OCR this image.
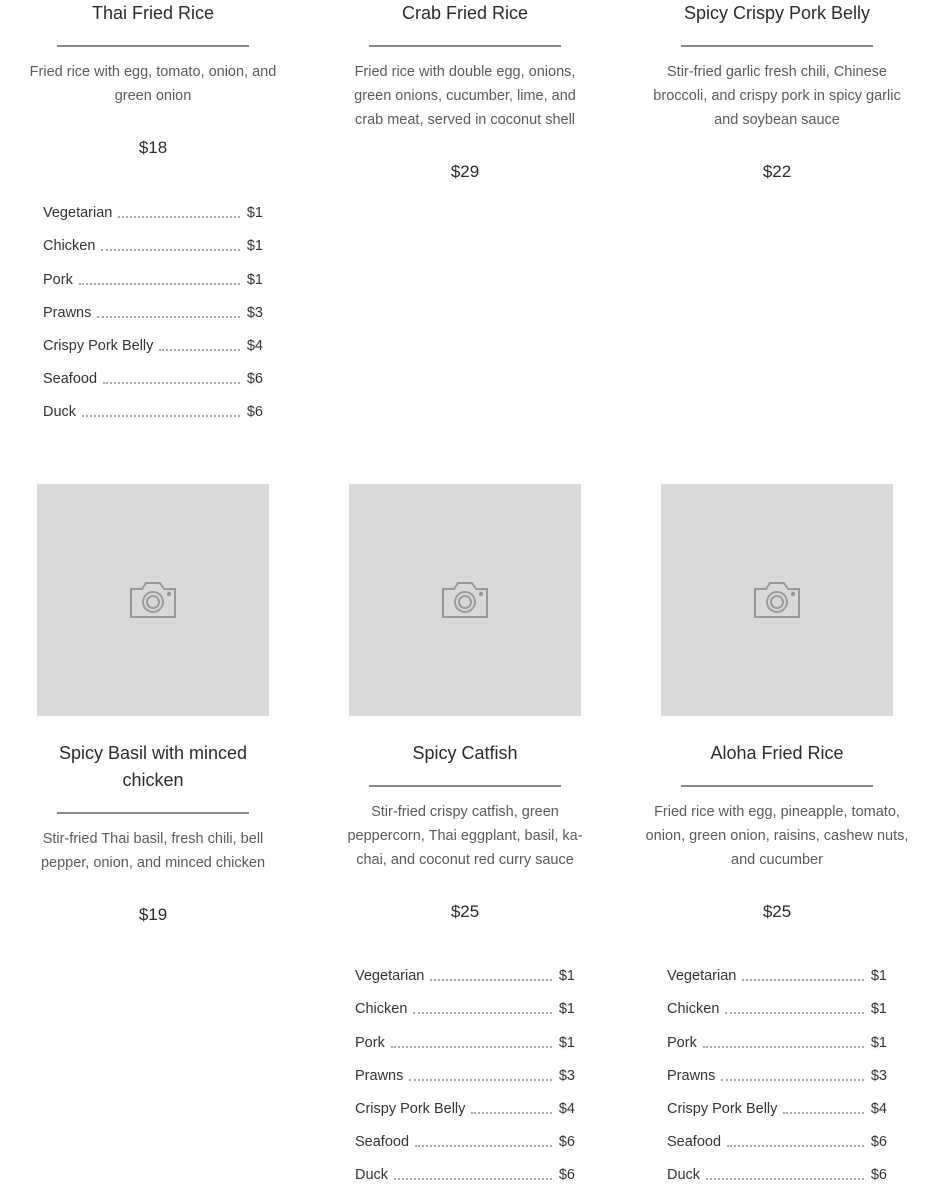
Thai Fried Rice
Fried rice with egg, tomato, onion, and green onion
$18
Vegetarian	$1
Chicken	$1
Pork	$1
Prawns	$3
Crispy Pork Belly	$4
Seafood	$6
Duck	$6
Crab Fried Rice
Fried rice with double egg, onions, green onions, cucumber, lime, and crab meat, served in coconut shell
$29
Spicy Crispy Pork Belly
Stir-fried garlic fresh chili, Chinese broccoli, and crispy pork in spicy garlic and soybean sauce
$22
Spicy Basil with minced chicken
Stir-fried Thai basil, fresh chili, bell pepper, onion, and minced chicken
$19
Spicy Catfish
Stir-fried crispy catfish, green peppercorn, Thai eggplant, basil, ka-chai, and coconut red curry sauce
$25
Vegetarian	$1
Chicken	$1
Pork	$1
Prawns	$3
Crispy Pork Belly	$4
Seafood	$6
Duck	$6
Aloha Fried Rice
Fried rice with egg, pineapple, tomato, onion, green onion, raisins, cashew nuts, and cucumber
$25
Vegetarian	$1
Chicken	$1
Pork	$1
Prawns	$3
Crispy Pork Belly	$4
Seafood	$6
Duck	$6
